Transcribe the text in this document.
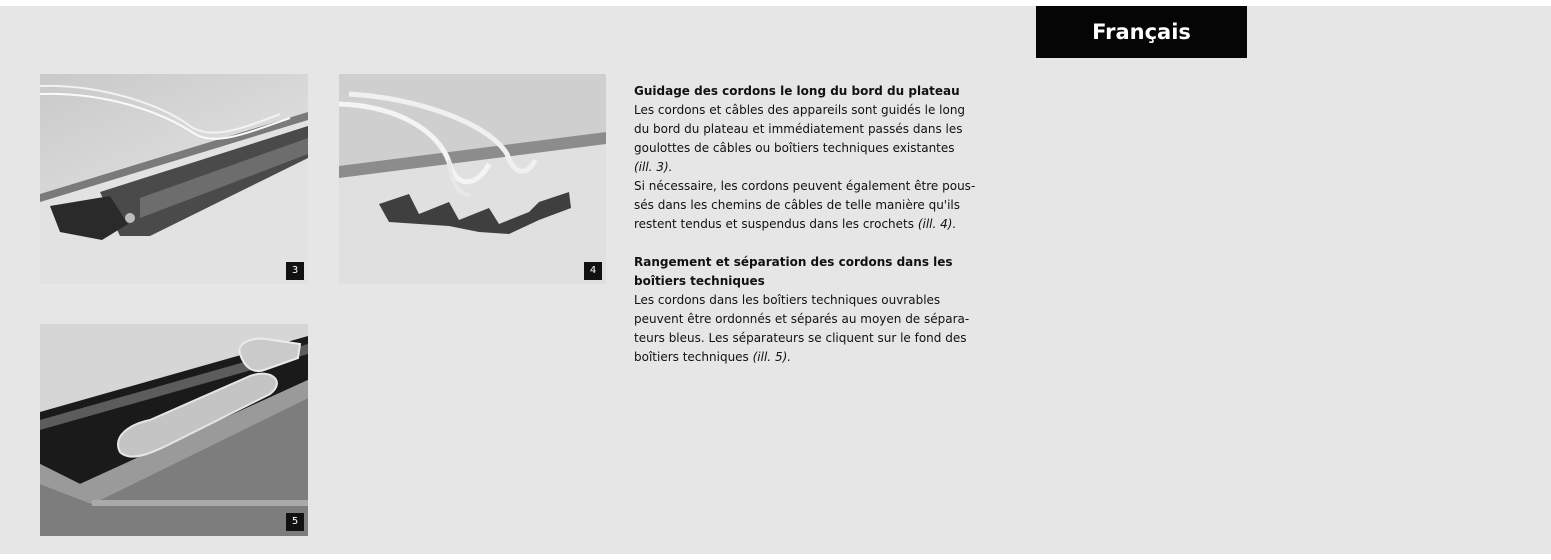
Français
3	4
5
Guidage des cordons le long du bord du plateau

Les cordons et câbles des appareils sont guidés le long
du bord du plateau et immédiatement passés dans les
goulottes de câbles ou boîtiers techniques existantes
(ill. 3).

Si nécessaire, les cordons peuvent également être pous-
sés dans les chemins de câbles de telle manière qu'ils
restent tendus et suspendus dans les crochets (ill. 4).

Rangement et séparation des cordons dans les
boîtiers techniques

Les cordons dans les boîtiers techniques ouvrables
peuvent être ordonnés et séparés au moyen de sépara-
teurs bleus. Les séparateurs se cliquent sur le fond des
boîtiers techniques (ill. 5).
